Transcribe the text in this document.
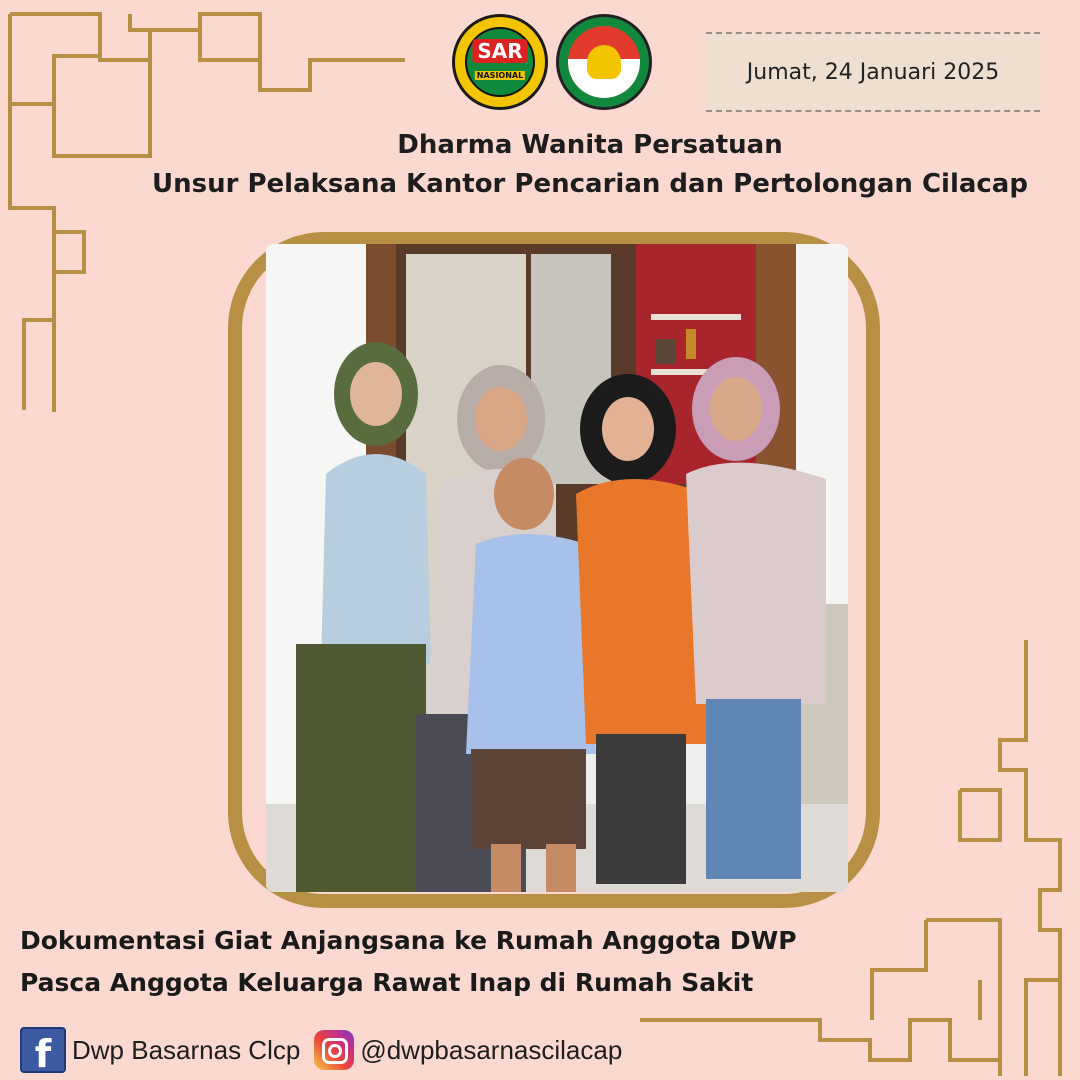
SAR
NASIONAL	Jumat, 24 Januari 2025
Dharma Wanita Persatuan
Unsur Pelaksana Kantor Pencarian dan Pertolongan Cilacap
Dokumentasi Giat Anjangsana ke Rumah Anggota DWP
Pasca Anggota Keluarga Rawat Inap di Rumah Sakit
f Dwp Basarnas Clcp @dwpbasarnascilacap
